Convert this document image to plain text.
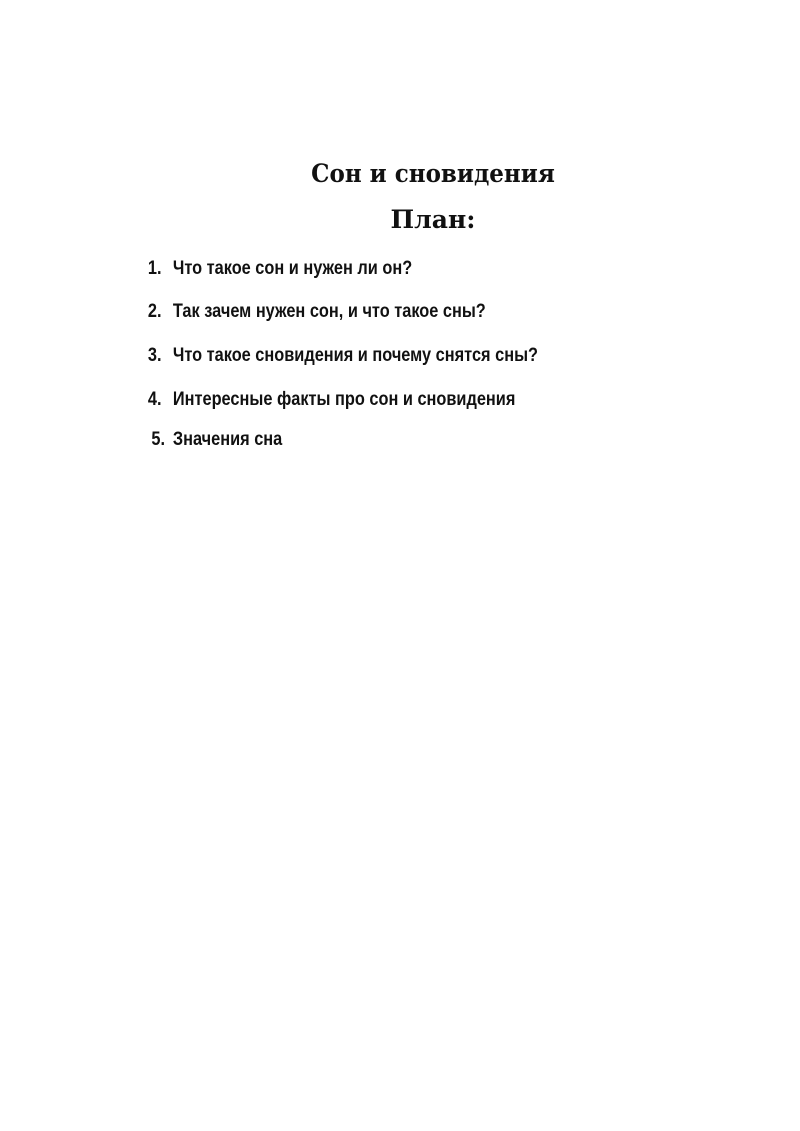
Сон и сновидения
План:
1. Что такое сон и нужен ли он?
2. Так зачем нужен сон, и что такое сны?
3. Что такое сновидения и почему снятся сны?
4. Интересные факты про сон и сновидения
5. Значения сна
